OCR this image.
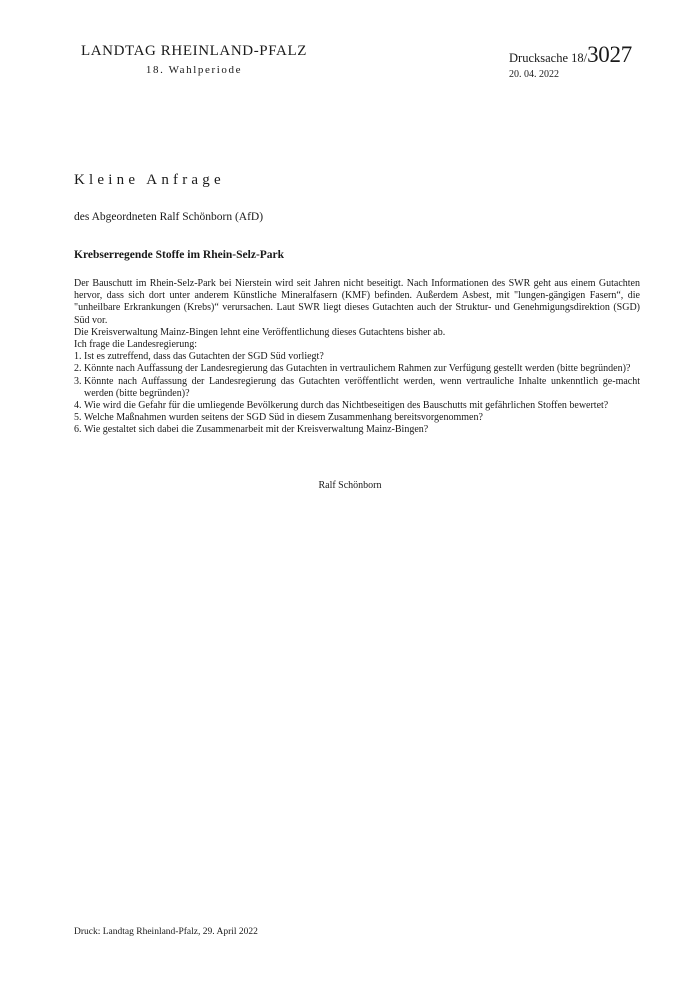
LANDTAG RHEINLAND-PFALZ
18. Wahlperiode
Drucksache 18/3027
20. 04. 2022
Kleine Anfrage
des Abgeordneten Ralf Schönborn (AfD)
Krebserregende Stoffe im Rhein-Selz-Park

Der Bauschutt im Rhein-Selz-Park bei Nierstein wird seit Jahren nicht beseitigt. Nach Informationen des SWR geht aus einem Gutachten hervor, dass sich dort unter anderem Künstliche Mineralfasern (KMF) befinden. Außerdem Asbest, mit "lungen-gängigen Fasern“, die "unheilbare Erkrankungen (Krebs)“ verursachen. Laut SWR liegt dieses Gutachten auch der Struktur- und Genehmigungsdirektion (SGD) Süd vor.

Die Kreisverwaltung Mainz-Bingen lehnt eine Veröffentlichung dieses Gutachtens bisher ab.

Ich frage die Landesregierung:

1. Ist es zutreffend, dass das Gutachten der SGD Süd vorliegt?
2. Könnte nach Auffassung der Landesregierung das Gutachten in vertraulichem Rahmen zur Verfügung gestellt werden (bitte begründen)?
3. Könnte nach Auffassung der Landesregierung das Gutachten veröffentlicht werden, wenn vertrauliche Inhalte unkenntlich ge-macht werden (bitte begründen)?
4. Wie wird die Gefahr für die umliegende Bevölkerung durch das Nichtbeseitigen des Bauschutts mit gefährlichen Stoffen bewertet?
5. Welche Maßnahmen wurden seitens der SGD Süd in diesem Zusammenhang bereitsvorgenommen?
6. Wie gestaltet sich dabei die Zusammenarbeit mit der Kreisverwaltung Mainz-Bingen?
Ralf Schönborn
Druck: Landtag Rheinland-Pfalz, 29. April 2022
